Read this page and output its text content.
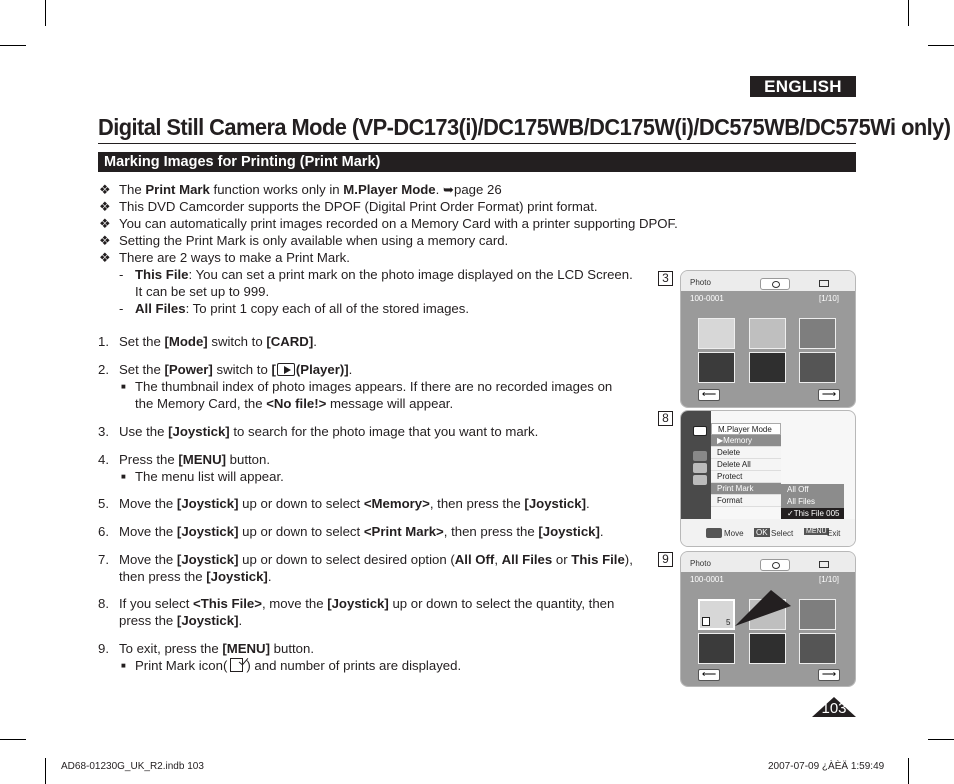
ENGLISH
Digital Still Camera Mode (VP-DC173(i)/DC175WB/DC175W(i)/DC575WB/DC575Wi only)
Marking Images for Printing (Print Mark)
❖ The Print Mark function works only in M.Player Mode. ➥page 26
❖ This DVD Camcorder supports the DPOF (Digital Print Order Format) print format.
❖ You can automatically print images recorded on a Memory Card with a printer supporting DPOF.
❖ Setting the Print Mark is only available when using a memory card.
❖ There are 2 ways to make a Print Mark.
- This File: You can set a print mark on the photo image displayed on the LCD Screen.
It can be set up to 999.
- All Files: To print 1 copy each of all of the stored images.
1. Set the [Mode] switch to [CARD].
2. Set the [Power] switch to [ (Player)].
■ The thumbnail index of photo images appears. If there are no recorded images on
the Memory Card, the <No file!> message will appear.
3. Use the [Joystick] to search for the photo image that you want to mark.
4. Press the [MENU] button.
■ The menu list will appear.
5. Move the [Joystick] up or down to select <Memory>, then press the [Joystick].
6. Move the [Joystick] up or down to select <Print Mark>, then press the [Joystick].
7. Move the [Joystick] up or down to select desired option (All Off, All Files or This File),
then press the [Joystick].
8. If you select <This File>, move the [Joystick] up or down to select the quantity, then
press the [Joystick].
9. To exit, press the [MENU] button.
■ Print Mark icon( ) and number of prints are displayed.
3	Photo
100-0001	[1/10]
⟵	⟶
8
M.Player Mode
▶Memory
Delete
Delete All
Protect
Print Mark
Format
All Off
All Files
✓This File 005
Move OK Select MENU Exit
9	Photo
100-0001	[1/10]
5
⟵	⟶
103
AD68-01230G_UK_R2.indb 103	2007-07-09 ¿ÀÈÄ 1:59:49
